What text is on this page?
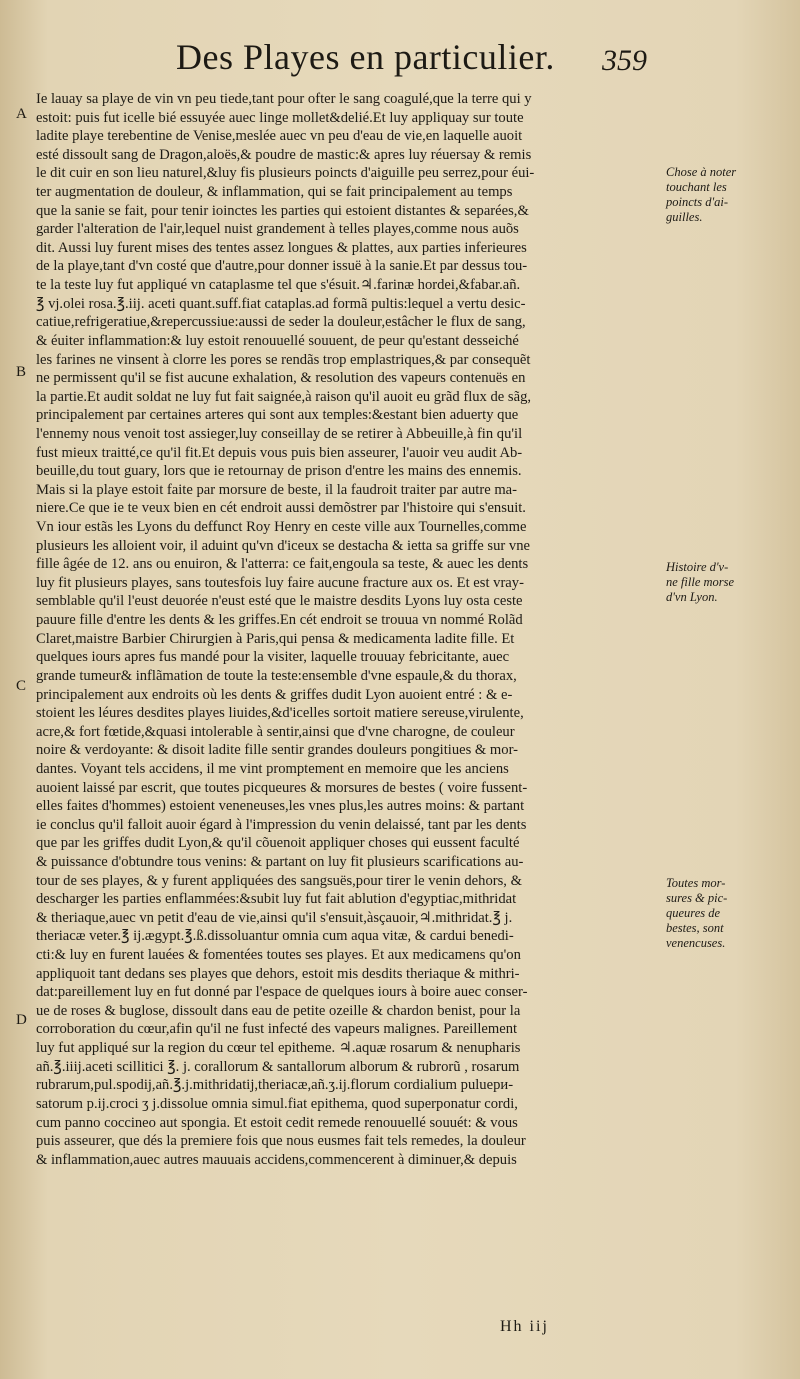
Des Playes en particulier. 359
A
B
C
D
Ie lauay sa playe de vin vn peu tiede,tant pour ofter le sang coagulé,que la terre qui y
estoit: puis fut icelle bié essuyée auec linge mollet&delié.Et luy appliquay sur toute
ladite playe terebentine de Venise,meslée auec vn peu d'eau de vie,en laquelle auoit
esté dissoult sang de Dragon,aloës,& poudre de mastic:& apres luy réuersay & remis
le dit cuir en son lieu naturel,&luy fis plusieurs poincts d'aiguille peu serrez,pour éui-
ter augmentation de douleur, & inflammation, qui se fait principalement au temps
que la sanie se fait, pour tenir ioinctes les parties qui estoient distantes & separées,&
garder l'alteration de l'air,lequel nuist grandement à telles playes,comme nous auõs
dit. Aussi luy furent mises des tentes assez longues & plattes, aux parties inferieures
de la playe,tant d'vn costé que d'autre,pour donner issuë à la sanie.Et par dessus tou-
te la teste luy fut appliqué vn cataplasme tel que s'ésuit.♃.farinæ hordei,&fabar.añ.
℥ vj.olei rosa.℥.iij. aceti quant.suff.fiat cataplas.ad formã pultis:lequel a vertu desic-
catiue,refrigeratiue,&repercussiue:aussi de seder la douleur,estâcher le flux de sang,
& éuiter inflammation:& luy estoit renouuellé souuent, de peur qu'estant desseiché
les farines ne vinsent à clorre les pores se rendãs trop emplastriques,& par consequẽt
ne permissent qu'il se fist aucune exhalation, & resolution des vapeurs contenuës en
la partie.Et audit soldat ne luy fut fait saignée,à raison qu'il auoit eu grãd flux de sãg,
principalement par certaines arteres qui sont aux temples:&estant bien aduerty que
l'ennemy nous venoit tost assieger,luy conseillay de se retirer à Abbeuille,à fin qu'il
fust mieux traitté,ce qu'il fit.Et depuis vous puis bien asseurer, l'auoir veu audit Ab-
beuille,du tout guary, lors que ie retournay de prison d'entre les mains des ennemis.
Mais si la playe estoit faite par morsure de beste, il la faudroit traiter par autre ma-
niere.Ce que ie te veux bien en cét endroit aussi demõstrer par l'histoire qui s'ensuit.
Vn iour estãs les Lyons du deffunct Roy Henry en ceste ville aux Tournelles,comme
plusieurs les alloient voir, il aduint qu'vn d'iceux se destacha & ietta sa griffe sur vne
fille âgée de 12. ans ou enuiron, & l'atterra: ce fait,engoula sa teste, & auec les dents
luy fit plusieurs playes, sans toutesfois luy faire aucune fracture aux os. Et est vray-
semblable qu'il l'eust deuorée n'eust esté que le maistre desdits Lyons luy osta ceste
pauure fille d'entre les dents & les griffes.En cét endroit se trouua vn nommé Rolãd
Claret,maistre Barbier Chirurgien à Paris,qui pensa & medicamenta ladite fille. Et
quelques iours apres fus mandé pour la visiter, laquelle trouuay febricitante, auec
grande tumeur& inflãmation de toute la teste:ensemble d'vne espaule,& du thorax,
principalement aux endroits où les dents & griffes dudit Lyon auoient entré : & e-
stoient les léures desdites playes liuides,&d'icelles sortoit matiere sereuse,virulente,
acre,& fort fœtide,&quasi intolerable à sentir,ainsi que d'vne charogne, de couleur
noire & verdoyante: & disoit ladite fille sentir grandes douleurs pongitiues & mor-
dantes. Voyant tels accidens, il me vint promptement en memoire que les anciens
auoient laissé par escrit, que toutes picqueures & morsures de bestes ( voire fussent-
elles faites d'hommes) estoient veneneuses,les vnes plus,les autres moins: & partant
ie conclus qu'il falloit auoir égard à l'impression du venin delaissé, tant par les dents
que par les griffes dudit Lyon,& qu'il cõuenoit appliquer choses qui eussent faculté
& puissance d'obtundre tous venins: & partant on luy fit plusieurs scarifications au-
tour de ses playes, & y furent appliquées des sangsuës,pour tirer le venin dehors, &
descharger les parties enflammées:&subit luy fut fait ablution d'egyptiac,mithridat
& theriaque,auec vn petit d'eau de vie,ainsi qu'il s'ensuit,àsçauoir,♃.mithridat.℥ j.
theriacæ veter.℥ ij.ægypt.℥.ß.dissoluantur omnia cum aqua vitæ, & cardui benedi-
cti:& luy en furent lauées & fomentées toutes ses playes. Et aux medicamens qu'on
appliquoit tant dedans ses playes que dehors, estoit mis desdits theriaque & mithri-
dat:pareillement luy en fut donné par l'espace de quelques iours à boire auec conser-
ue de roses & buglose, dissoult dans eau de petite ozeille & chardon benist, pour la
corroboration du cœur,afin qu'il ne fust infecté des vapeurs malignes. Pareillement
luy fut appliqué sur la region du cœur tel epitheme. ♃.aquæ rosarum & nenupharis
añ.℥.iiij.aceti scillitici ℥. j. corallorum & santallorum alborum & rubrorũ , rosarum
rubrarum,pul.spodij,añ.℥.j.mithridatij,theriacæ,añ.ʒ.ij.florum cordialium puluери-
satorum p.ij.croci ʒ j.dissolue omnia simul.fiat epithema, quod superponatur cordi,
cum panno coccineo aut spongia. Et estoit cedit remede renouuellé souuét: & vous
puis asseurer, que dés la premiere fois que nous eusmes fait tels remedes, la douleur
& inflammation,auec autres mauuais accidens,commencerent à diminuer,& depuis
Chose à noter
touchant les
poincts d'ai-
guilles.
Histoire d'v-
ne fille morse
d'vn Lyon.
Toutes mor-
sures & pic-
queures de
bestes, sont
venencuses.
Hh iij
